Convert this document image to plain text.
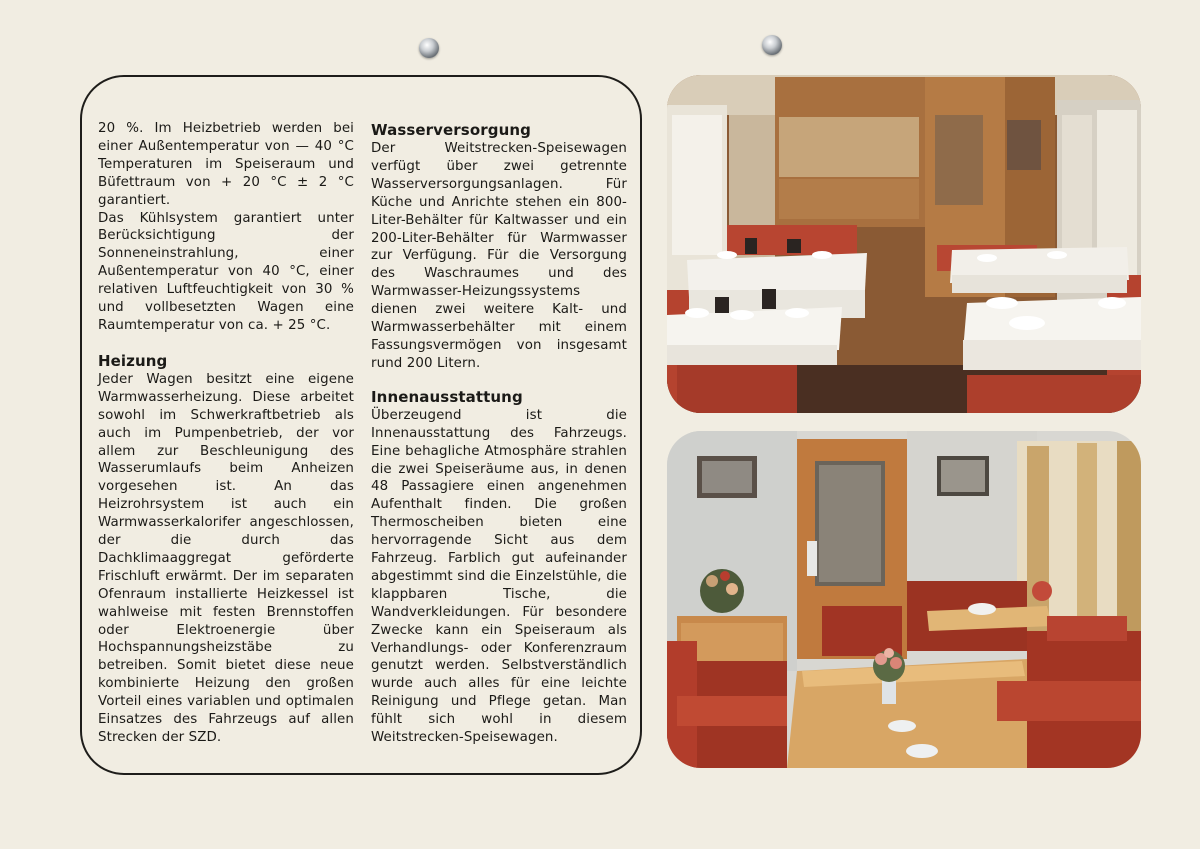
20 %. Im Heizbetrieb werden bei einer Außentemperatur von — 40 °C Temperaturen im Speiseraum und Büfettraum von + 20 °C ± 2 °C garantiert.

Das Kühlsystem garantiert unter Berücksichtigung der Sonneneinstrahlung, einer Außentemperatur von 40 °C, einer relativen Luftfeuchtigkeit von 30 % und vollbesetzten Wagen eine Raumtemperatur von ca. + 25 °C.

Heizung

Jeder Wagen besitzt eine eigene Warmwasserheizung. Diese arbeitet sowohl im Schwerkraftbetrieb als auch im Pumpenbetrieb, der vor allem zur Beschleunigung des Wasserumlaufs beim Anheizen vorgesehen ist. An das Heizrohrsystem ist auch ein Warmwasserkalorifer angeschlossen, der die durch das Dachklimaaggregat geförderte Frischluft erwärmt. Der im separaten Ofenraum installierte Heizkessel ist wahlweise mit festen Brennstoffen oder Elektroenergie über Hochspannungsheizstäbe zu betreiben. Somit bietet diese neue kombinierte Heizung den großen Vorteil eines variablen und optimalen Einsatzes des Fahrzeugs auf allen Strecken der SZD.

Wasserversorgung

Der Weitstrecken-Speisewagen verfügt über zwei getrennte Wasserversorgungsanlagen. Für Küche und Anrichte stehen ein 800-Liter-Behälter für Kaltwasser und ein 200-Liter-Behälter für Warmwasser zur Verfügung. Für die Versorgung des Waschraumes und des Warmwasser-Heizungssystems dienen zwei weitere Kalt- und Warmwasserbehälter mit einem Fassungsvermögen von insgesamt rund 200 Litern.

Innenausstattung

Überzeugend ist die Innenausstattung des Fahrzeugs. Eine behagliche Atmosphäre strahlen die zwei Speiseräume aus, in denen 48 Passagiere einen angenehmen Aufenthalt finden. Die großen Thermoscheiben bieten eine hervorragende Sicht aus dem Fahrzeug. Farblich gut aufeinander abgestimmt sind die Einzelstühle, die klappbaren Tische, die Wandverkleidungen. Für besondere Zwecke kann ein Speiseraum als Verhandlungs- oder Konferenzraum genutzt werden. Selbstverständlich wurde auch alles für eine leichte Reinigung und Pflege getan. Man fühlt sich wohl in diesem Weitstrecken-Speisewagen.
